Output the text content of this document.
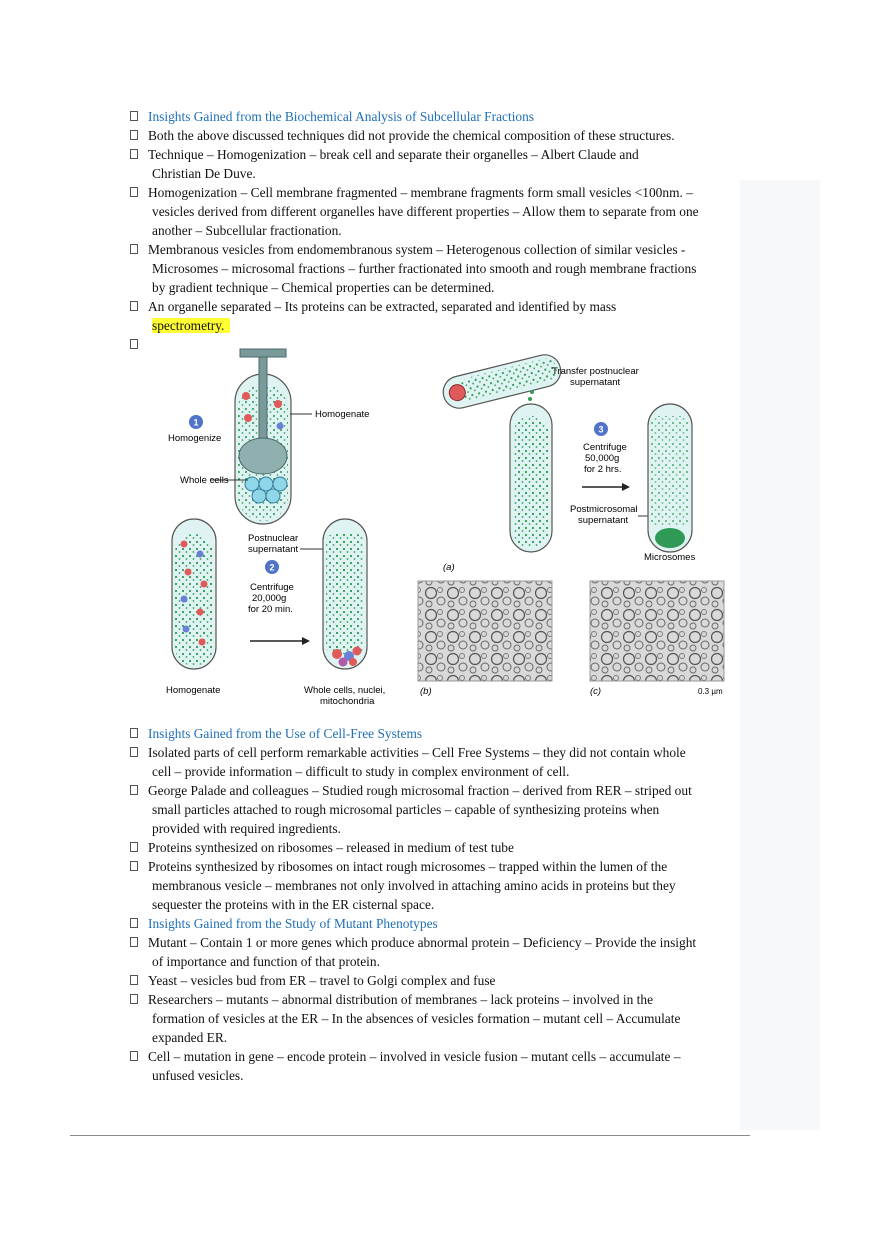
Insights Gained from the Biochemical Analysis of Subcellular Fractions
Both the above discussed techniques did not provide the chemical composition of these structures.
Technique – Homogenization – break cell and separate their organelles – Albert Claude and
Christian De Duve.
Homogenization – Cell membrane fragmented – membrane fragments form small vesicles <100nm. –
vesicles derived from different organelles have different properties – Allow them to separate from one
another – Subcellular fractionation.
Membranous vesicles from endomembranous system – Heterogenous collection of similar vesicles -
Microsomes – microsomal fractions – further fractionated into smooth and rough membrane fractions
by gradient technique – Chemical properties can be determined.
An organelle separated – Its proteins can be extracted, separated and identified by mass
spectrometry.

1
Homogenize
Homogenate
Whole cells
Homogenate
Postnuclear
supernatant
2
Centrifuge
20,000g
for 20 min.
Whole cells, nuclei,
mitochondria
Transfer postnuclear
supernatant
3
Centrifuge
50,000g
for 2 hrs.
Postmicrosomal
supernatant
Microsomes
(a)
(b)	(c)	0.3 µm
Insights Gained from the Use of Cell-Free Systems
Isolated parts of cell perform remarkable activities – Cell Free Systems – they did not contain whole
cell – provide information – difficult to study in complex environment of cell.
George Palade and colleagues – Studied rough microsomal fraction – derived from RER – striped out
small particles attached to rough microsomal particles – capable of synthesizing proteins when
provided with required ingredients.
Proteins synthesized on ribosomes – released in medium of test tube
Proteins synthesized by ribosomes on intact rough microsomes – trapped within the lumen of the
membranous vesicle – membranes not only involved in attaching amino acids in proteins but they
sequester the proteins with in the ER cisternal space.
Insights Gained from the Study of Mutant Phenotypes
Mutant – Contain 1 or more genes which produce abnormal protein – Deficiency – Provide the insight
of importance and function of that protein.
Yeast – vesicles bud from ER – travel to Golgi complex and fuse
Researchers – mutants – abnormal distribution of membranes – lack proteins – involved in the
formation of vesicles at the ER – In the absences of vesicles formation – mutant cell – Accumulate
expanded ER.
Cell – mutation in gene – encode protein – involved in vesicle fusion – mutant cells – accumulate –
unfused vesicles.
